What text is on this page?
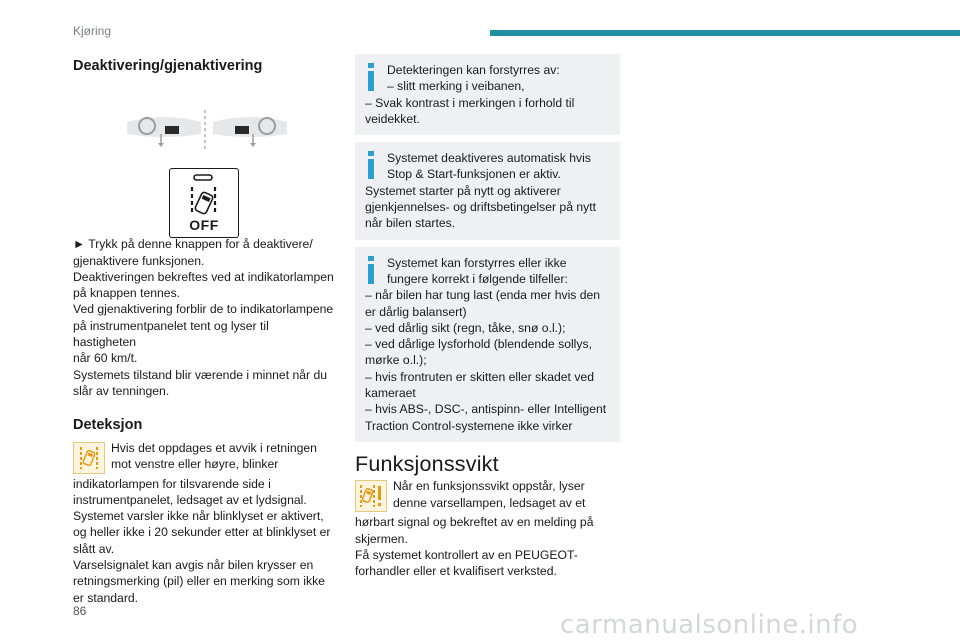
Kjøring
Deaktivering/gjenaktivering
OFF
► Trykk på denne knappen for å deaktivere/
gjenaktivere funksjonen.
Deaktiveringen bekreftes ved at indikatorlampen
på knappen tennes.
Ved gjenaktivering forblir de to indikatorlampene
på instrumentpanelet tent og lyser til hastigheten
når 60 km/t.
Systemets tilstand blir værende i minnet når du
slår av tenningen.
Deteksjon
Hvis det oppdages et avvik i retningen
mot venstre eller høyre, blinker
indikatorlampen for tilsvarende side i
instrumentpanelet, ledsaget av et lydsignal.
Systemet varsler ikke når blinklyset er aktivert,
og heller ikke i 20 sekunder etter at blinklyset er
slått av.
Varselsignalet kan avgis når bilen krysser en
retningsmerking (pil) eller en merking som ikke
er standard.
Detekteringen kan forstyrres av:
– slitt merking i veibanen,
– Svak kontrast i merkingen i forhold til
veidekket.
Systemet deaktiveres automatisk hvis
Stop & Start-funksjonen er aktiv.
Systemet starter på nytt og aktiverer
gjenkjennelses- og driftsbetingelser på nytt
når bilen startes.
Systemet kan forstyrres eller ikke
fungere korrekt i følgende tilfeller:
– når bilen har tung last (enda mer hvis den
er dårlig balansert)
– ved dårlig sikt (regn, tåke, snø o.l.);
– ved dårlige lysforhold (blendende sollys,
mørke o.l.);
– hvis frontruten er skitten eller skadet ved
kameraet
– hvis ABS-, DSC-, antispinn- eller Intelligent
Traction Control-systemene ikke virker
Funksjonssvikt
Når en funksjonssvikt oppstår, lyser
denne varsellampen, ledsaget av et
hørbart signal og bekreftet av en melding på
skjermen.
Få systemet kontrollert av en PEUGEOT-
forhandler eller et kvalifisert verksted.
86	carmanualsonline.info
